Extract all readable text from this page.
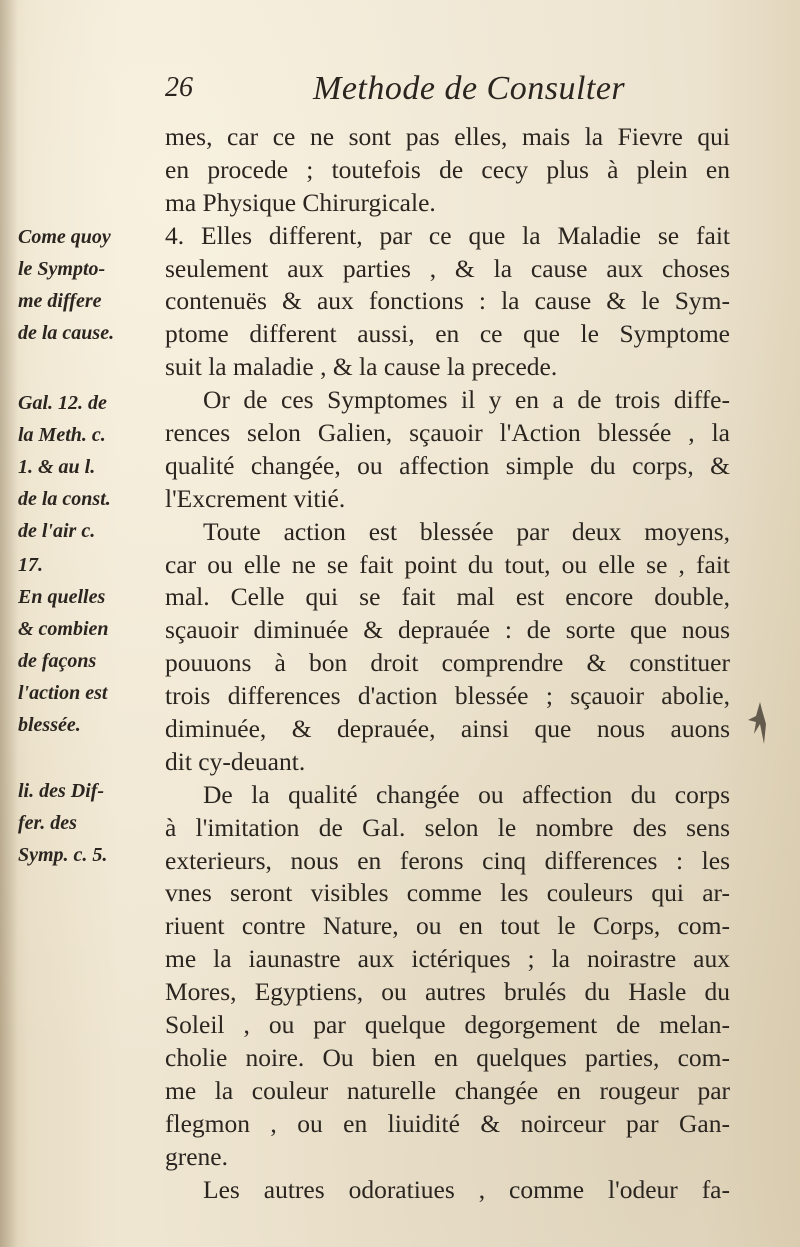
26	Methode de Consulter
Come quoy
le Sympto-
me differe
de la cause.
Gal. 12. de
la Meth. c.
1. & au l.
de la const.
de l'air c.
17.
En quelles
& combien
de façons
l'action est
blessée.
li. des Dif-
fer. des
Symp. c. 5.
mes, car ce ne sont pas elles, mais la Fievre qui
en procede ; toutefois de cecy plus à plein en
ma Physique Chirurgicale.
4. Elles different, par ce que la Maladie se fait
seulement aux parties , & la cause aux choses
contenuës & aux fonctions : la cause & le Sym-
ptome different aussi, en ce que le Symptome
suit la maladie , & la cause la precede.
Or de ces Symptomes il y en a de trois diffe-
rences selon Galien, sçauoir l'Action blessée , la
qualité changée, ou affection simple du corps, &
l'Excrement vitié.
Toute action est blessée par deux moyens,
car ou elle ne se fait point du tout, ou elle se , fait
mal. Celle qui se fait mal est encore double,
sçauoir diminuée & deprauée : de sorte que nous
pouuons à bon droit comprendre & constituer
trois differences d'action blessée ; sçauoir abolie,
diminuée, & deprauée, ainsi que nous auons
dit cy-deuant.
De la qualité changée ou affection du corps
à l'imitation de Gal. selon le nombre des sens
exterieurs, nous en ferons cinq differences : les
vnes seront visibles comme les couleurs qui ar-
riuent contre Nature, ou en tout le Corps, com-
me la iaunastre aux ictériques ; la noirastre aux
Mores, Egyptiens, ou autres brulés du Hasle du
Soleil , ou par quelque degorgement de melan-
cholie noire. Ou bien en quelques parties, com-
me la couleur naturelle changée en rougeur par
flegmon , ou en liuidité & noirceur par Gan-
grene.
Les autres odoratiues , comme l'odeur fa-
